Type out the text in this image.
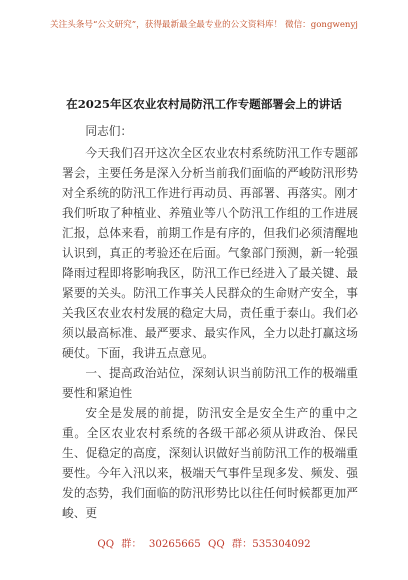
关注头条号“公文研究”，获得最新最全最专业的公文资料库！ 微信：gongwenyj
在2025年区农业农村局防汛工作专题部署会上的讲话

同志们：

今天我们召开这次全区农业农村系统防汛工作专题部署会，主要任务是深入分析当前我们面临的严峻防汛形势对全系统的防汛工作进行再动员、再部署、再落实。刚才我们听取了种植业、养殖业等八个防汛工作组的工作进展汇报，总体来看，前期工作是有序的，但我们必须清醒地认识到，真正的考验还在后面。气象部门预测，新一轮强降雨过程即将影响我区，防汛工作已经进入了最关键、最紧要的关头。防汛工作事关人民群众的生命财产安全，事关我区农业农村发展的稳定大局，责任重于泰山。我们必须以最高标准、最严要求、最实作风，全力以赴打赢这场硬仗。下面，我讲五点意见。

一、提高政治站位，深刻认识当前防汛工作的极端重要性和紧迫性

安全是发展的前提，防汛安全是安全生产的重中之重。全区农业农村系统的各级干部必须从讲政治、保民生、促稳定的高度，深刻认识做好当前防汛工作的极端重要性。今年入汛以来，极端天气事件呈现多发、频发、强发的态势，我们面临的防汛形势比以往任何时候都更加严峻、更

QQ 群： 30265665 QQ 群：535304092
